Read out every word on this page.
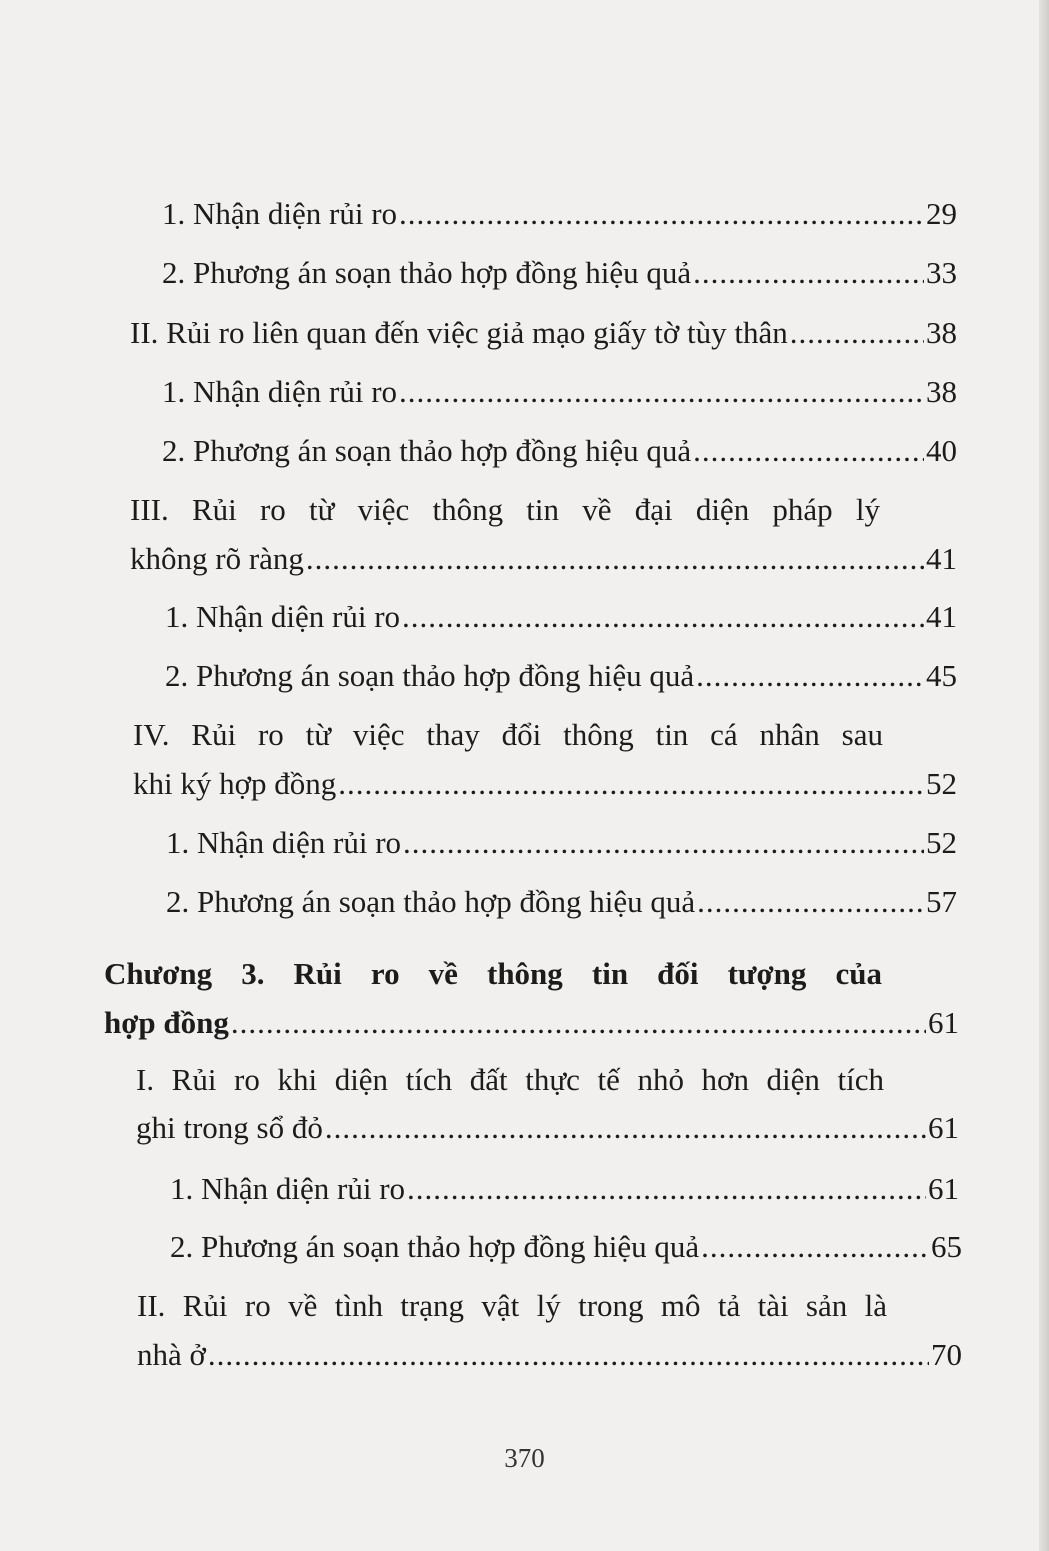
1. Nhận diện rủi ro .....	29
2. Phương án soạn thảo hợp đồng hiệu quả .....	33
II. Rủi ro liên quan đến việc giả mạo giấy tờ tùy thân .....	38
1. Nhận diện rủi ro .....	38
2. Phương án soạn thảo hợp đồng hiệu quả .....	40
III. Rủi ro từ việc thông tin về đại diện pháp lý
không rõ ràng .....	41
1. Nhận diện rủi ro .....	41
2. Phương án soạn thảo hợp đồng hiệu quả .....	45
IV. Rủi ro từ việc thay đổi thông tin cá nhân sau
khi ký hợp đồng .....	52
1. Nhận diện rủi ro .....	52
2. Phương án soạn thảo hợp đồng hiệu quả .....	57
Chương 3. Rủi ro về thông tin đối tượng của
hợp đồng .....	61
I. Rủi ro khi diện tích đất thực tế nhỏ hơn diện tích
ghi trong sổ đỏ .....	61
1. Nhận diện rủi ro .....	61
2. Phương án soạn thảo hợp đồng hiệu quả .....	65
II. Rủi ro về tình trạng vật lý trong mô tả tài sản là
nhà ở .....	70
370
